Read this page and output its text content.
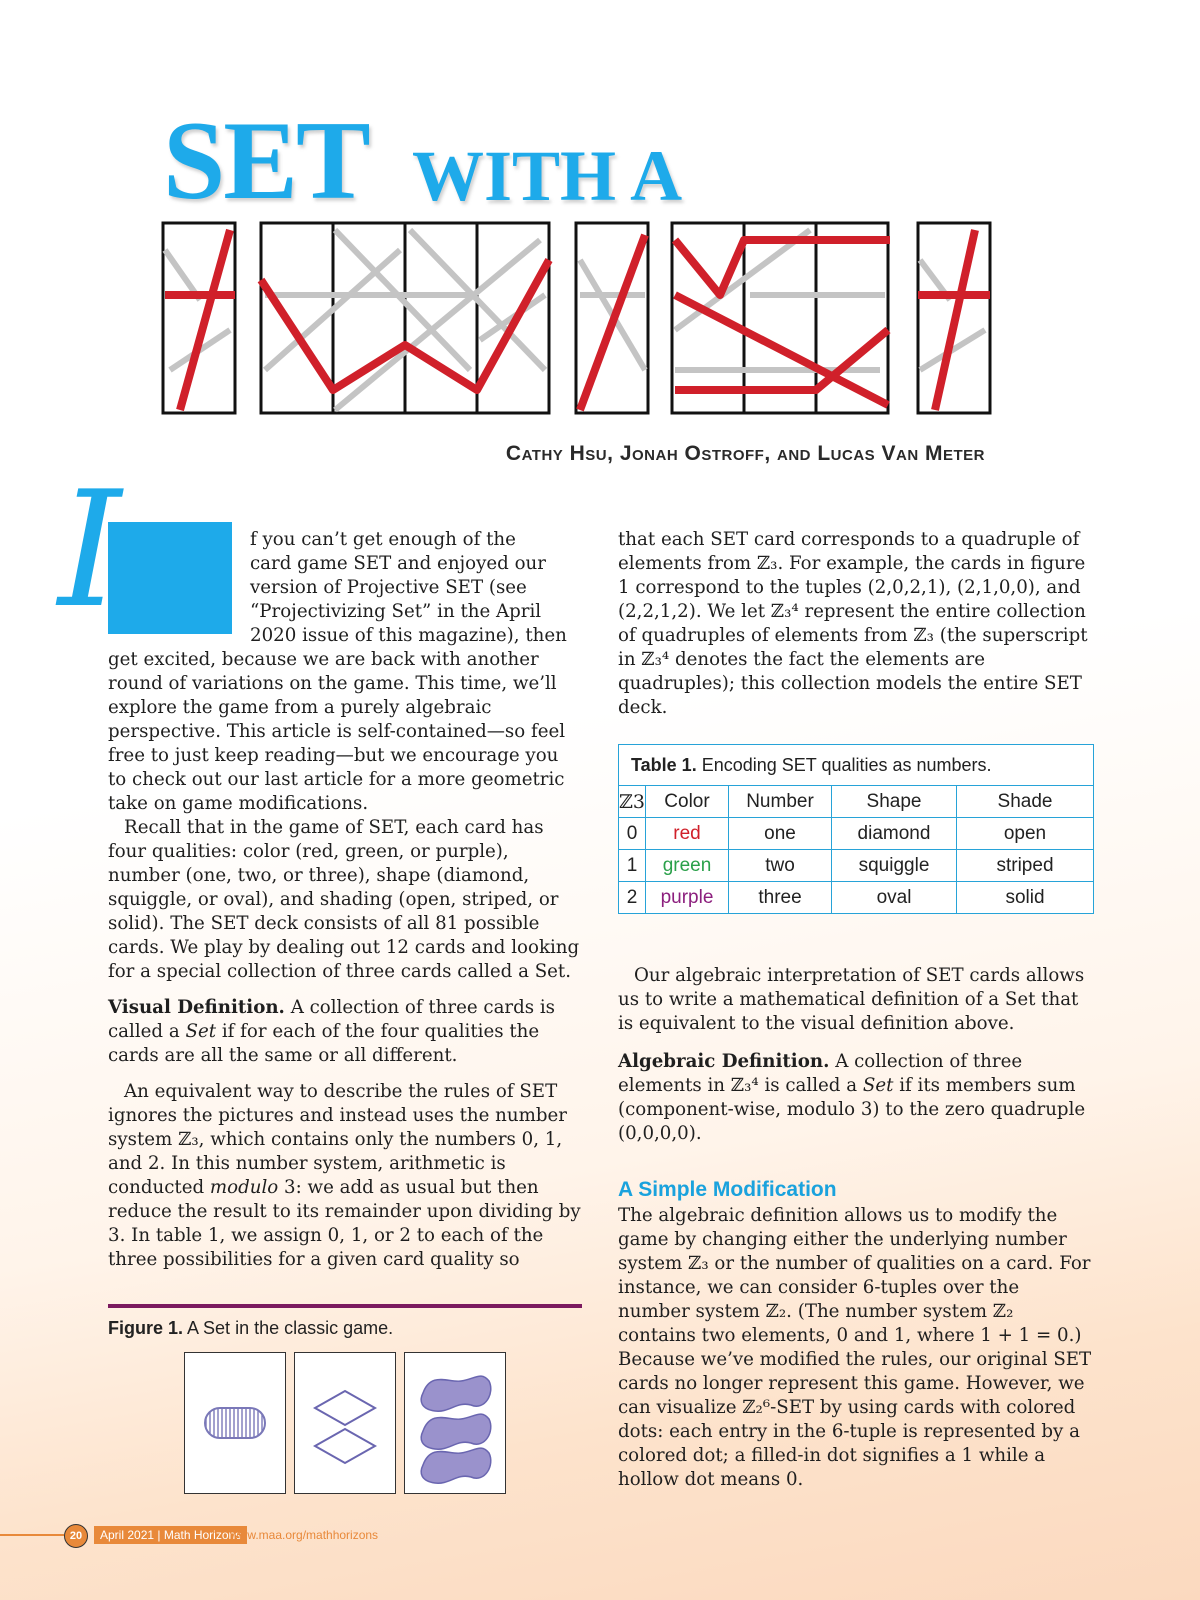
SET WITH A
Cathy Hsu, Jonah Ostroff, and Lucas Van Meter
I	f you can’t get enough of the
card game SET and enjoyed our
version of Projective SET (see
“Projectivizing Set” in the April
2020 issue of this magazine), then

get excited, because we are back with another round of variations on the game. This time, we’ll explore the game from a purely algebraic perspective. This article is self-contained—so feel free to just keep reading—but we encourage you to check out our last article for a more geometric take on game modifications.

Recall that in the game of SET, each card has four qualities: color (red, green, or purple), number (one, two, or three), shape (diamond, squiggle, or oval), and shading (open, striped, or solid). The SET deck consists of all 81 possible cards. We play by dealing out 12 cards and looking for a special collection of three cards called a Set.

Visual Definition. A collection of three cards is called a Set if for each of the four qualities the cards are all the same or all different.

An equivalent way to describe the rules of SET ignores the pictures and instead uses the number system ℤ₃, which contains only the numbers 0, 1, and 2. In this number system, arithmetic is conducted modulo 3: we add as usual but then reduce the result to its remainder upon dividing by 3. In table 1, we assign 0, 1, or 2 to each of the three possibilities for a given card quality so

Figure 1. A Set in the classic game.

that each SET card corresponds to a quadruple of elements from ℤ₃. For example, the cards in figure 1 correspond to the tuples (2,0,2,1), (2,1,0,0), and (2,2,1,2). We let ℤ₃⁴ represent the entire collection of quadruples of elements from ℤ₃ (the superscript in ℤ₃⁴ denotes the fact the elements are quadruples); this collection models the entire SET deck.

Table 1. Encoding SET qualities as numbers.
ℤ3	Color	Number	Shape	Shade
0	red	one	diamond	open
1	green	two	squiggle	striped
2	purple	three	oval	solid

Our algebraic interpretation of SET cards allows us to write a mathematical definition of a Set that is equivalent to the visual definition above.

Algebraic Definition. A collection of three elements in ℤ₃⁴ is called a Set if its members sum (component-wise, modulo 3) to the zero quadruple (0,0,0,0).

A Simple Modification

The algebraic definition allows us to modify the game by changing either the underlying number system ℤ₃ or the number of qualities on a card. For instance, we can consider 6-tuples over the number system ℤ₂. (The number system ℤ₂ contains two elements, 0 and 1, where 1 + 1 = 0.) Because we’ve modified the rules, our original SET cards no longer represent this game. However, we can visualize ℤ₂⁶-SET by using cards with colored dots: each entry in the 6-tuple is represented by a colored dot; a filled-in dot signifies a 1 while a hollow dot means 0.

20	April 2021 | Math Horizons
www.maa.org/mathhorizons
